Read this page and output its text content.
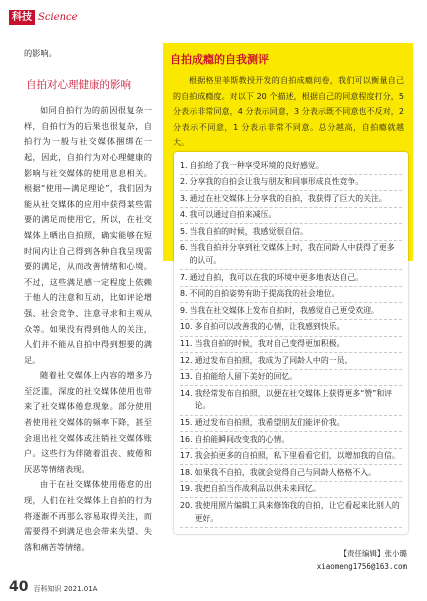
科技 Science

的影响。

自拍对心理健康的影响

如同自拍行为的前因很复杂一样，自拍行为的后果也很复杂，自拍行为一般与社交媒体捆绑在一起，因此，自拍行为对心理健康的影响与社交媒体的使用息息相关。根据“使用—满足理论”，我们因为能从社交媒体的应用中获得某些需要的满足而使用它，所以，在社交媒体上晒出自拍照，确实能够在短时间内让自己得到各种自我呈现需要的满足，从而改善情绪和心境。不过，这些满足感一定程度上依赖于他人的注意和互动，比如评论增强、社会竞争、注意寻求和主观从众等。如果没有得到他人的关注，人们并不能从自拍中得到想要的满足。

随着社交媒体上内容的增多乃至泛滥，深度的社交媒体使用也带来了社交媒体倦怠现象。部分使用者使用社交媒体的频率下降，甚至会退出社交媒体或注销社交媒体账户。这些行为伴随着沮丧、疲倦和厌恶等情绪表现。

由于在社交媒体使用倦怠的出现，人们在社交媒体上自拍的行为将逐渐不再那么容易取得关注，而需要得不到满足也会带来失望、失落和痛苦等情绪。

自拍成瘾的自我测评

根据格里菲斯教授开发的自拍成瘾问卷，我们可以衡量自己的自拍成瘾度。对以下 20 个描述，根据自己的同意程度打分，5 分表示非常同意，4 分表示同意，3 分表示既不同意也不反对，2 分表示不同意，1 分表示非常不同意。总分越高，自拍瘾就越大。

1. 自拍给了我一种享受环境的良好感觉。
2. 分享我的自拍会让我与朋友和同事形成良性竞争。
3. 通过在社交媒体上分享我的自拍，我获得了巨大的关注。
4. 我可以通过自拍来减压。
5. 当我自拍的时候，我感觉很自信。
6. 当我自拍并分享到社交媒体上时，我在同龄人中获得了更多的认可。
7. 通过自拍，我可以在我的环境中更多地表达自己。
8. 不同的自拍姿势有助于提高我的社会地位。
9. 当我在社交媒体上发布自拍时，我感觉自己更受欢迎。
10. 多自拍可以改善我的心情，让我感到快乐。
11. 当我自拍的时候，我对自己变得更加积极。
12. 通过发布自拍照，我成为了同龄人中的一员。
13. 自拍能给人留下美好的回忆。
14. 我经常发布自拍照，以便在社交媒体上获得更多“赞”和评论。
15. 通过发布自拍照，我希望朋友们能评价我。
16. 自拍能瞬间改变我的心情。
17. 我会拍更多的自拍照，私下里看看它们，以增加我的自信。
18. 如果我不自拍，我就会觉得自己与同龄人格格不入。
19. 我把自拍当作战利品以供未来回忆。
20. 我使用照片编辑工具来修饰我的自拍，让它看起来比别人的更好。
【责任编辑】张小璐
xiaomeng1756@163.com
40 百科知识 2021.01A
